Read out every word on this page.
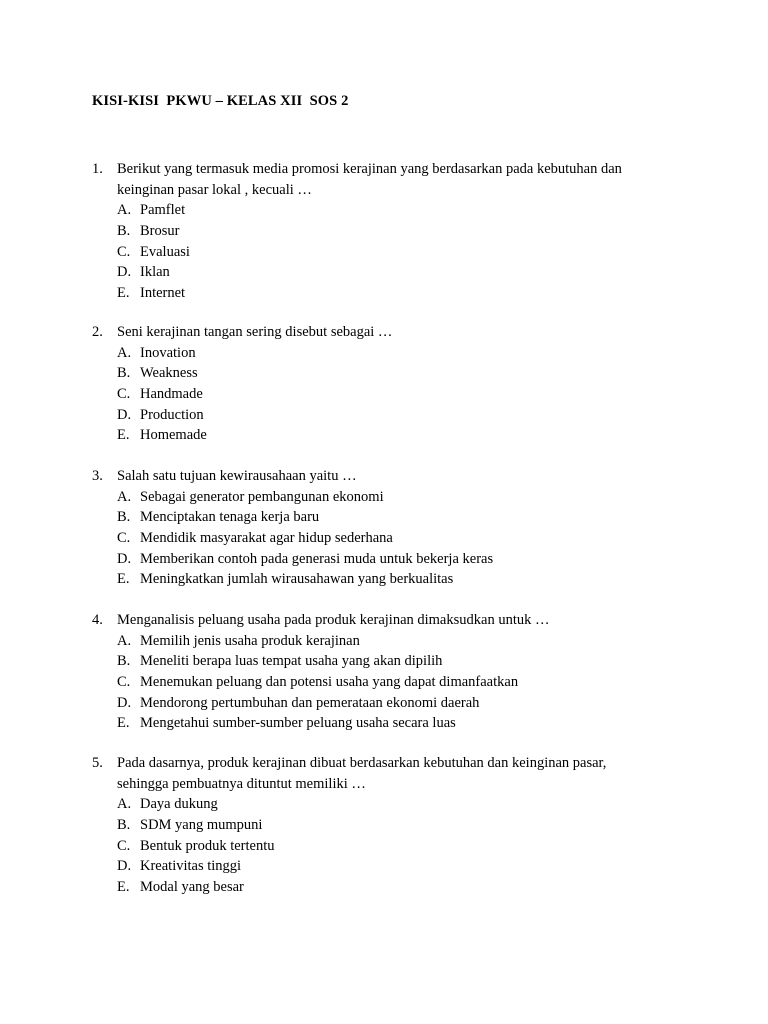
KISI-KISI  PKWU – KELAS XII  SOS 2
1. Berikut yang termasuk media promosi kerajinan yang berdasarkan pada kebutuhan dan
keinginan pasar lokal , kecuali …
A. Pamflet
B. Brosur
C. Evaluasi
D. Iklan
E. Internet
2. Seni kerajinan tangan sering disebut sebagai …
A. Inovation
B. Weakness
C. Handmade
D. Production
E. Homemade
3. Salah satu tujuan kewirausahaan yaitu …
A. Sebagai generator pembangunan ekonomi
B. Menciptakan tenaga kerja baru
C. Mendidik masyarakat agar hidup sederhana
D. Memberikan contoh pada generasi muda untuk bekerja keras
E. Meningkatkan jumlah wirausahawan yang berkualitas
4. Menganalisis peluang usaha pada produk kerajinan dimaksudkan untuk …
A. Memilih jenis usaha produk kerajinan
B. Meneliti berapa luas tempat usaha yang akan dipilih
C. Menemukan peluang dan potensi usaha yang dapat dimanfaatkan
D. Mendorong pertumbuhan dan pemerataan ekonomi daerah
E. Mengetahui sumber-sumber peluang usaha secara luas
5. Pada dasarnya, produk kerajinan dibuat berdasarkan kebutuhan dan keinginan pasar,
sehingga pembuatnya dituntut memiliki …
A. Daya dukung
B. SDM yang mumpuni
C. Bentuk produk tertentu
D. Kreativitas tinggi
E. Modal yang besar
